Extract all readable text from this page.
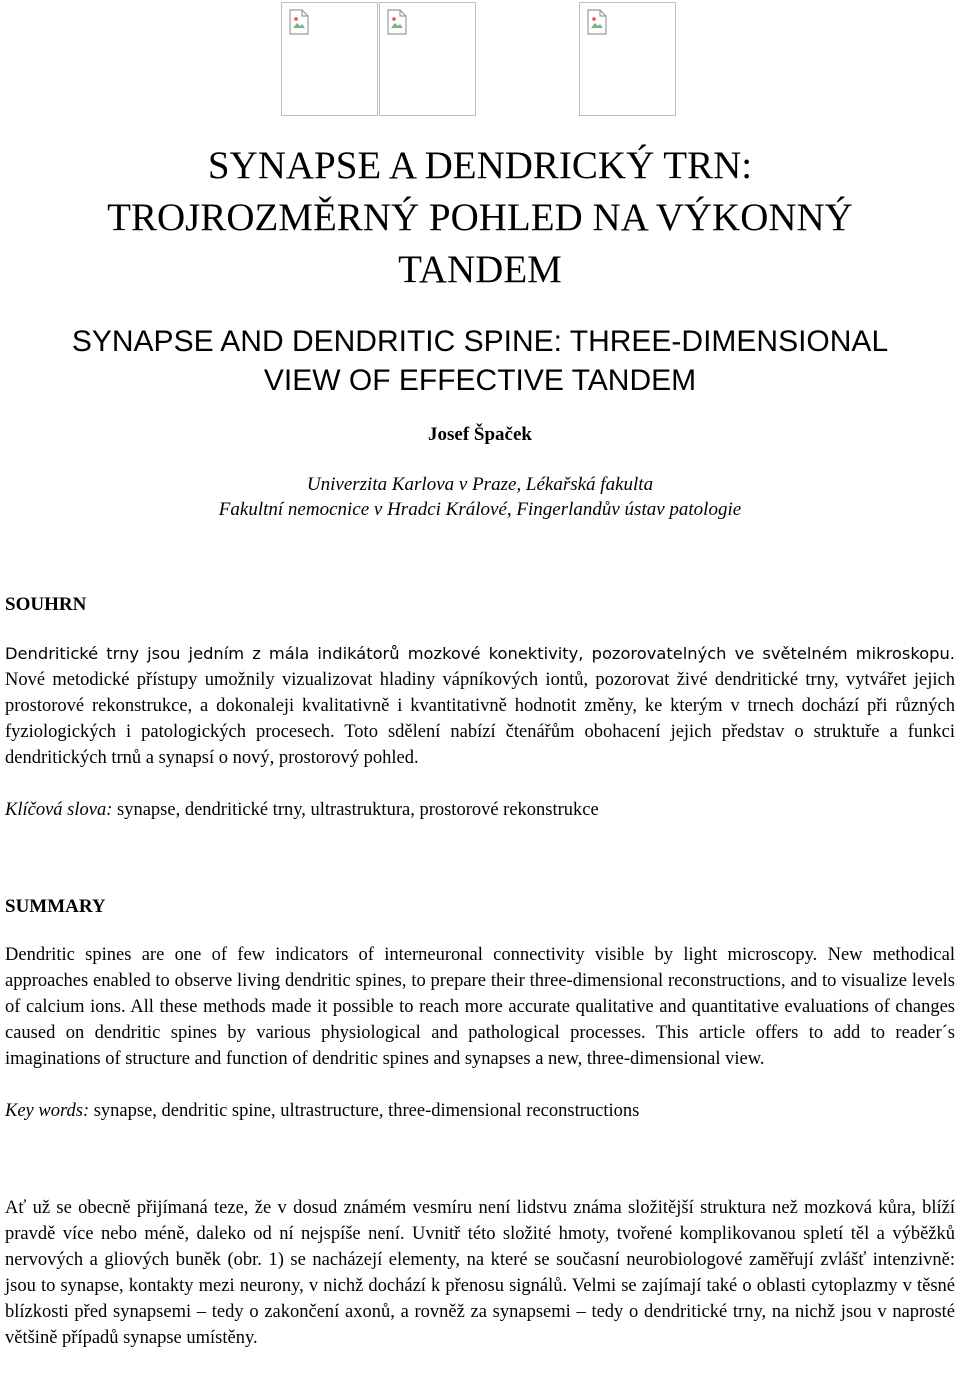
SYNAPSE A DENDRICKÝ TRN:
TROJROZMĚRNÝ POHLED NA VÝKONNÝ
TANDEM
SYNAPSE AND DENDRITIC SPINE: THREE-DIMENSIONAL
VIEW OF EFFECTIVE TANDEM
Josef Špaček
Univerzita Karlova v Praze, Lékařská fakulta
Fakultní nemocnice v Hradci Králové, Fingerlandův ústav patologie
SOUHRN
Dendritické trny jsou jedním z mála indikátorů mozkové konektivity, pozorovatelných ve světelném mikroskopu. Nové metodické přístupy umožnily vizualizovat hladiny vápníkových iontů, pozorovat živé dendritické trny, vytvářet jejich prostorové rekonstrukce, a dokonaleji kvalitativně i kvantitativně hodnotit změny, ke kterým v trnech dochází při různých fyziologických i patologických procesech. Toto sdělení nabízí čtenářům obohacení jejich představ o struktuře a funkci dendritických trnů a synapsí o nový, prostorový pohled.
Klíčová slova: synapse, dendritické trny, ultrastruktura, prostorové rekonstrukce
SUMMARY
Dendritic spines are one of few indicators of interneuronal connectivity visible by light microscopy. New methodical approaches enabled to observe living dendritic spines, to prepare their three-dimensional reconstructions, and to visualize levels of calcium ions. All these methods made it possible to reach more accurate qualitative and quantitative evaluations of changes caused on dendritic spines by various physiological and pathological processes. This article offers to add to reader´s imaginations of structure and function of dendritic spines and synapses a new, three-dimensional view.
Key words: synapse, dendritic spine, ultrastructure, three-dimensional reconstructions
Ať už se obecně přijímaná teze, že v dosud známém vesmíru není lidstvu známa složitější struktura než mozková kůra, blíží pravdě více nebo méně, daleko od ní nejspíše není. Uvnitř této složité hmoty, tvořené komplikovanou spletí těl a výběžků nervových a gliových buněk (obr. 1) se nacházejí elementy, na které se současní neurobiologové zaměřují zvlášť intenzivně: jsou to synapse, kontakty mezi neurony, v nichž dochází k přenosu signálů. Velmi se zajímají také o oblasti cytoplazmy v těsné blízkosti před synapsemi – tedy o zakončení axonů, a rovněž za synapsemi – tedy o dendritické trny, na nichž jsou v naprosté většině případů synapse umístěny.
